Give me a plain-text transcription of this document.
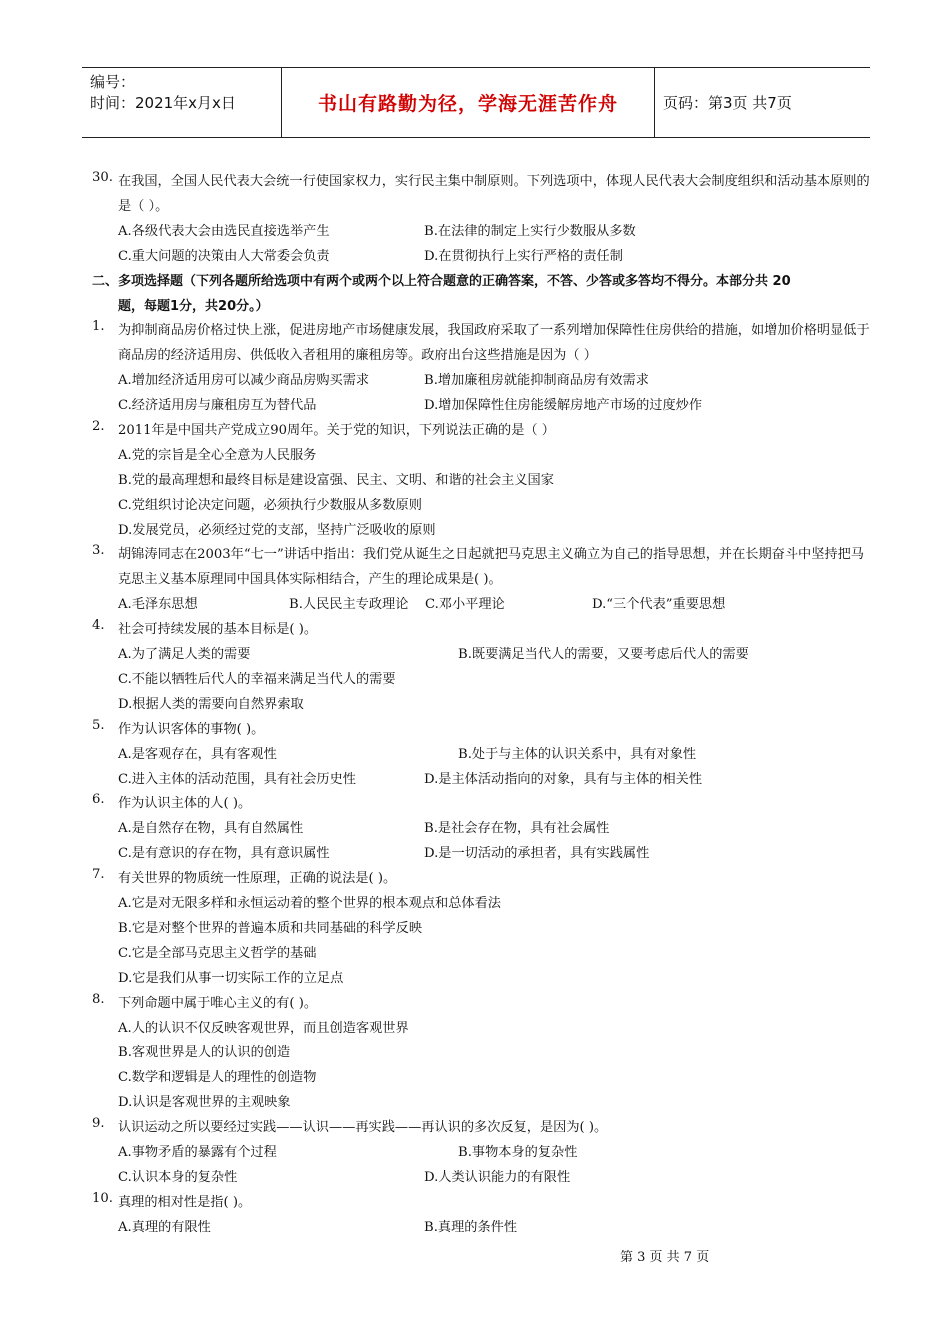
编号：
时间：2021年x月x日	书山有路勤为径，学海无涯苦作舟	页码：第3页 共7页
30. 在我国，全国人民代表大会统一行使国家权力，实行民主集中制原则。下列选项中，体现人民代表大会制度组织和活动基本原则的是（ ）。
A.各级代表大会由选民直接选举产生	B.在法律的制定上实行少数服从多数
C.重大问题的决策由人大常委会负责	D.在贯彻执行上实行严格的责任制
二、多项选择题（下列各题所给选项中有两个或两个以上符合题意的正确答案，不答、少答或多答均不得分。本部分共 20
题，每题1分，共20分。）
1. 为抑制商品房价格过快上涨，促进房地产市场健康发展，我国政府采取了一系列增加保障性住房供给的措施，如增加价格明显低于商品房的经济适用房、供低收入者租用的廉租房等。政府出台这些措施是因为（ ）
A.增加经济适用房可以减少商品房购买需求	B.增加廉租房就能抑制商品房有效需求
C.经济适用房与廉租房互为替代品	D.增加保障性住房能缓解房地产市场的过度炒作
2. 2011年是中国共产党成立90周年。关于党的知识，下列说法正确的是（ ）
A.党的宗旨是全心全意为人民服务
B.党的最高理想和最终目标是建设富强、民主、文明、和谐的社会主义国家
C.党组织讨论决定问题，必须执行少数服从多数原则
D.发展党员，必须经过党的支部，坚持广泛吸收的原则
3. 胡锦涛同志在2003年“七一”讲话中指出：我们党从诞生之日起就把马克思主义确立为自己的指导思想，并在长期奋斗中坚持把马克思主义基本原理同中国具体实际相结合，产生的理论成果是( )。
A.毛泽东思想	B.人民民主专政理论 C.邓小平理论	D.“三个代表”重要思想
4. 社会可持续发展的基本目标是( )。
A.为了满足人类的需要	B.既要满足当代人的需要，又要考虑后代人的需要
C.不能以牺牲后代人的幸福来满足当代人的需要
D.根据人类的需要向自然界索取
5. 作为认识客体的事物( )。
A.是客观存在，具有客观性	B.处于与主体的认识关系中，具有对象性
C.进入主体的活动范围，具有社会历史性	D.是主体活动指向的对象，具有与主体的相关性
6. 作为认识主体的人( )。
A.是自然存在物，具有自然属性	B.是社会存在物，具有社会属性
C.是有意识的存在物，具有意识属性	D.是一切活动的承担者，具有实践属性
7. 有关世界的物质统一性原理，正确的说法是( )。
A.它是对无限多样和永恒运动着的整个世界的根本观点和总体看法
B.它是对整个世界的普遍本质和共同基础的科学反映
C.它是全部马克思主义哲学的基础
D.它是我们从事一切实际工作的立足点
8. 下列命题中属于唯心主义的有( )。
A.人的认识不仅反映客观世界，而且创造客观世界
B.客观世界是人的认识的创造
C.数学和逻辑是人的理性的创造物
D.认识是客观世界的主观映象
9. 认识运动之所以要经过实践——认识——再实践——再认识的多次反复，是因为( )。
A.事物矛盾的暴露有个过程	B.事物本身的复杂性
C.认识本身的复杂性	D.人类认识能力的有限性
10. 真理的相对性是指( )。
A.真理的有限性	B.真理的条件性
第 3 页 共 7 页
